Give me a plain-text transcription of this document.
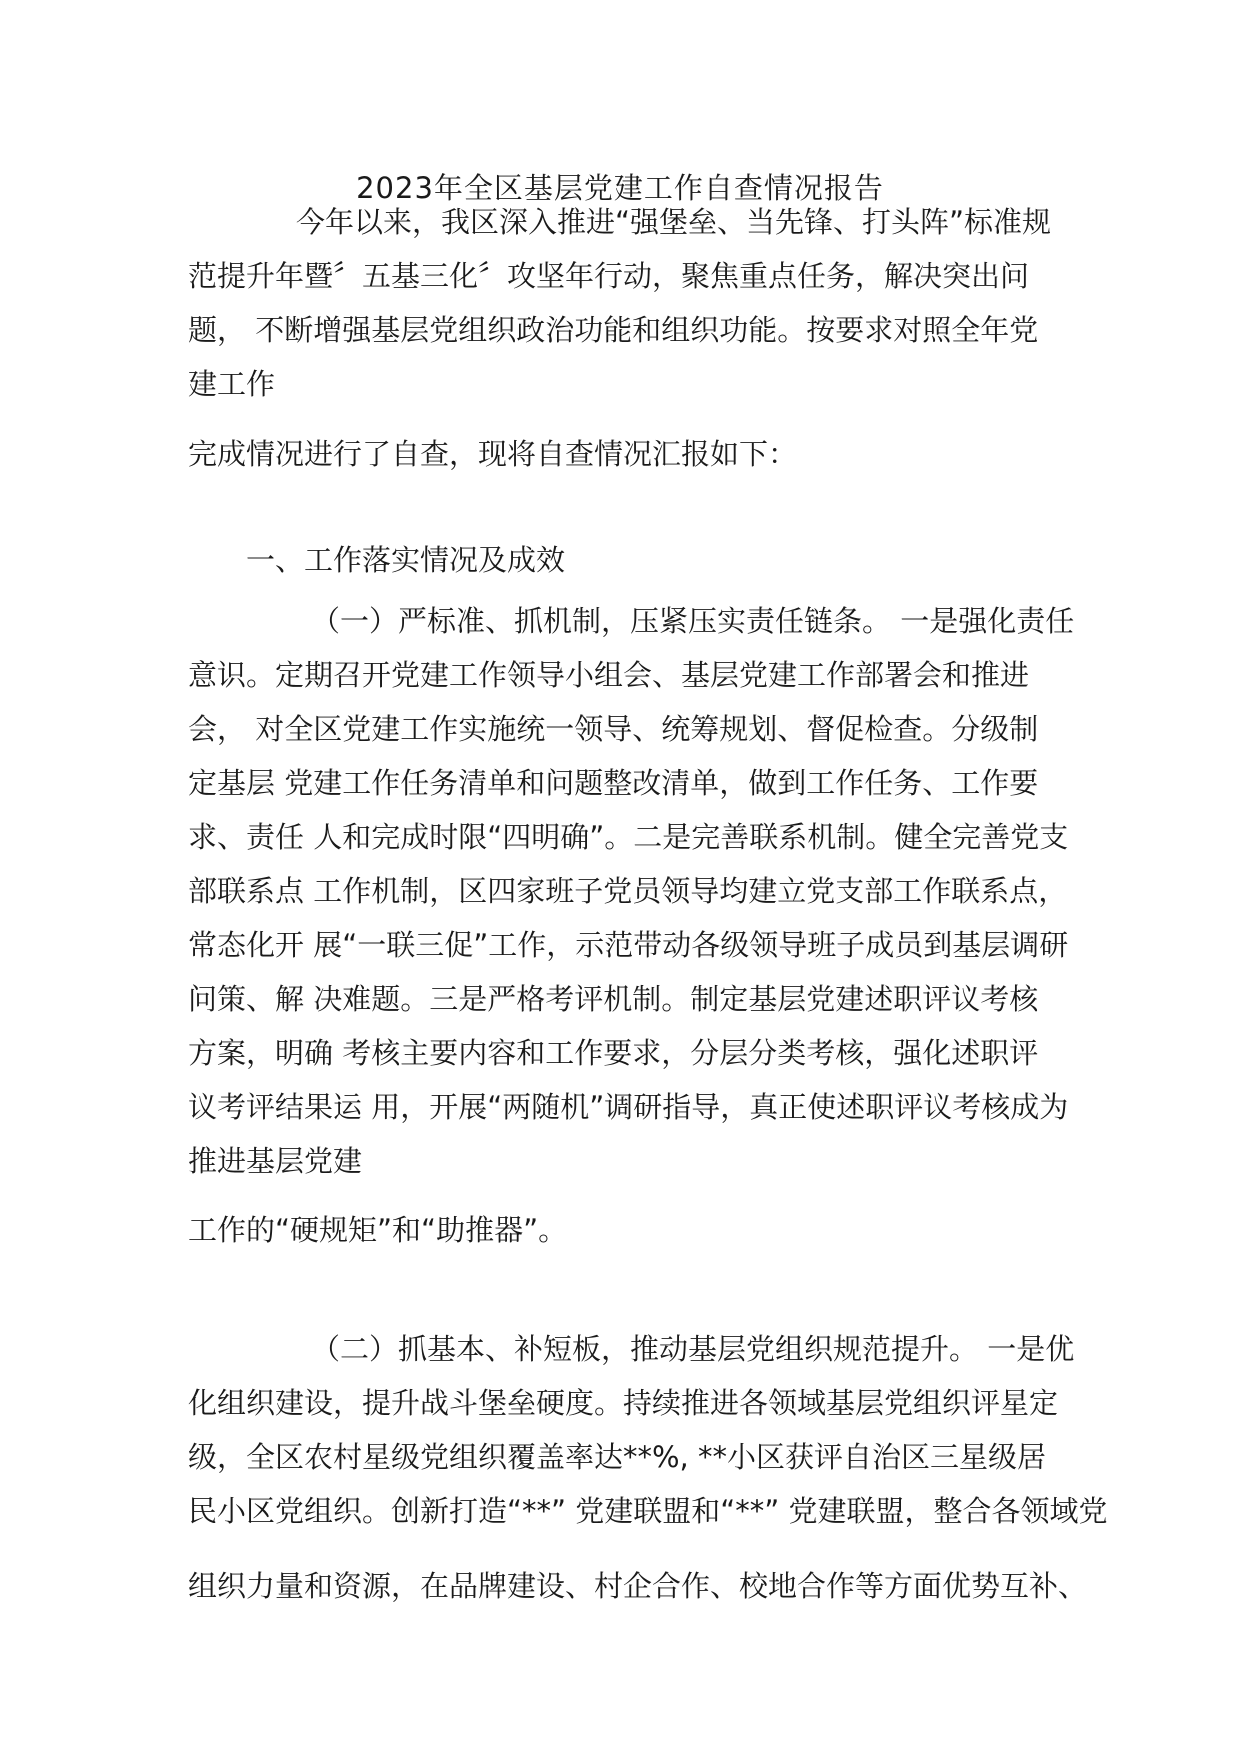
2023年全区基层党建工作自查情况报告
今年以来，我区深入推进“强堡垒、当先锋、打头阵”标准规
范提升年暨〞五基三化〞攻坚年行动，聚焦重点任务，解决突出问
题， 不断增强基层党组织政治功能和组织功能。按要求对照全年党
建工作
完成情况进行了自查，现将自查情况汇报如下：
一、工作落实情况及成效
（一）严标准、抓机制，压紧压实责任链条。 一是强化责任
意识。定期召开党建工作领导小组会、基层党建工作部署会和推进
会， 对全区党建工作实施统一领导、统筹规划、督促检查。分级制
定基层 党建工作任务清单和问题整改清单，做到工作任务、工作要
求、责任 人和完成时限“四明确”。二是完善联系机制。健全完善党支
部联系点 工作机制，区四家班子党员领导均建立党支部工作联系点，
常态化开 展“一联三促”工作，示范带动各级领导班子成员到基层调研
问策、解 决难题。三是严格考评机制。制定基层党建述职评议考核
方案，明确 考核主要内容和工作要求，分层分类考核，强化述职评
议考评结果运 用，开展“两随机”调研指导，真正使述职评议考核成为
推进基层党建
工作的“硬规矩”和“助推器”。
（二）抓基本、补短板，推动基层党组织规范提升。 一是优
化组织建设，提升战斗堡垒硬度。持续推进各领域基层党组织评星定
级，全区农村星级党组织覆盖率达**%, **小区获评自治区三星级居
民小区党组织。创新打造“**” 党建联盟和“**” 党建联盟，整合各领域党
组织力量和资源，在品牌建设、村企合作、校地合作等方面优势互补、
